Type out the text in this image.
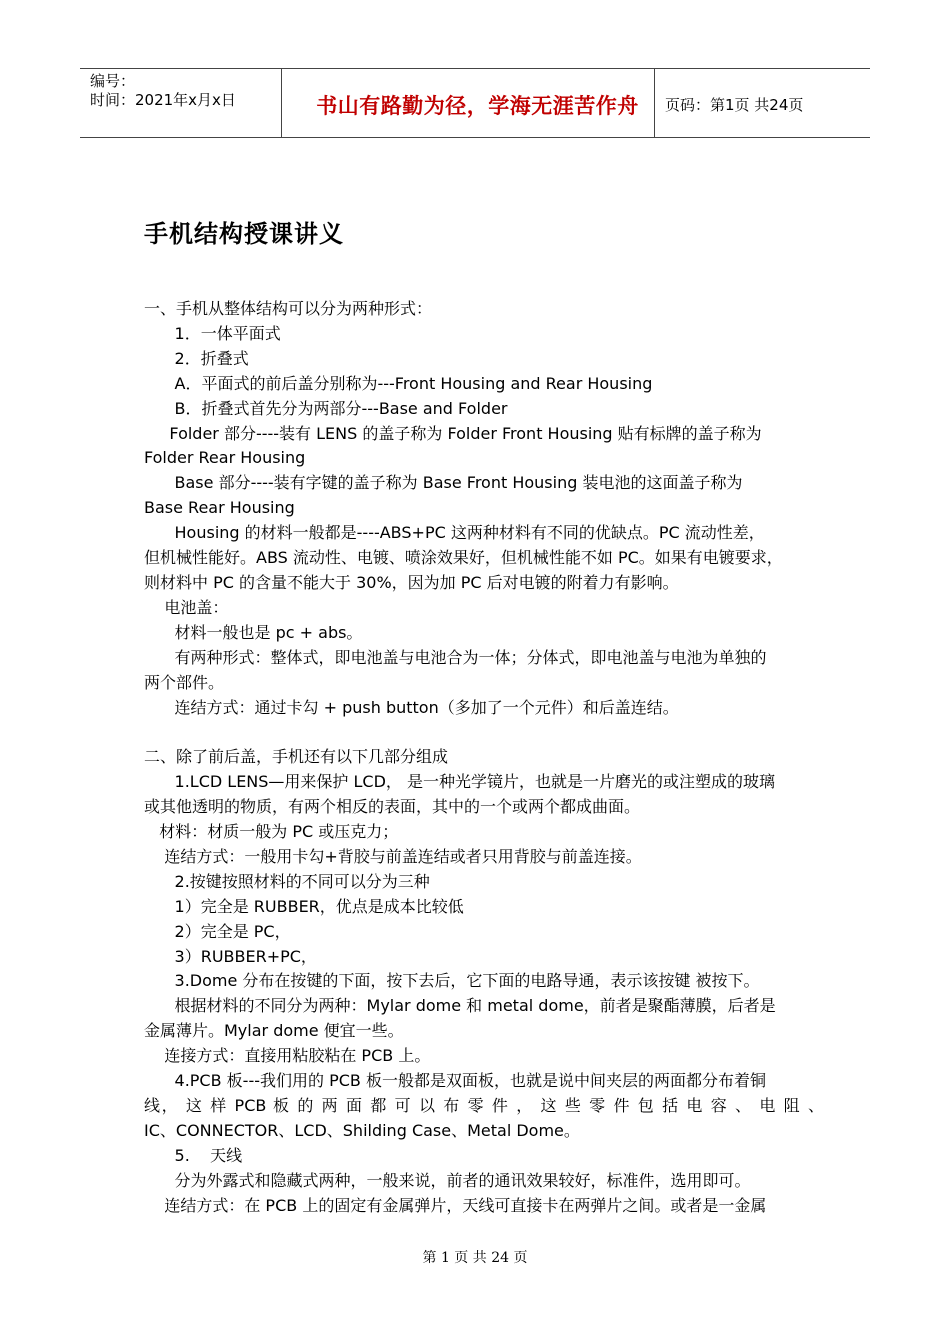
编号：
时间：2021年x月x日	书山有路勤为径，学海无涯苦作舟	页码：第1页 共24页
手机结构授课讲义

一、手机从整体结构可以分为两种形式：

1．一体平面式

2．折叠式

A．平面式的前后盖分别称为---Front Housing and Rear Housing

B．折叠式首先分为两部分---Base and Folder

Folder 部分----装有 LENS 的盖子称为 Folder Front Housing 贴有标牌的盖子称为

Folder Rear Housing

Base 部分----装有字键的盖子称为 Base Front Housing 装电池的这面盖子称为

Base Rear Housing

Housing 的材料一般都是----ABS+PC 这两种材料有不同的优缺点。PC 流动性差，

但机械性能好。ABS 流动性、电镀、喷涂效果好，但机械性能不如 PC。如果有电镀要求，

则材料中 PC 的含量不能大于 30%，因为加 PC 后对电镀的附着力有影响。

电池盖：

材料一般也是 pc + abs。

有两种形式：整体式，即电池盖与电池合为一体；分体式，即电池盖与电池为单独的

两个部件。

连结方式：通过卡勾 + push button（多加了一个元件）和后盖连结。

二、除了前后盖，手机还有以下几部分组成

1.LCD LENS—用来保护 LCD， 是一种光学镜片，也就是一片磨光的或注塑成的玻璃

或其他透明的物质，有两个相反的表面，其中的一个或两个都成曲面。

材料：材质一般为 PC 或压克力；

连结方式：一般用卡勾+背胶与前盖连结或者只用背胶与前盖连接。

2.按键按照材料的不同可以分为三种

1）完全是 RUBBER，优点是成本比较低

2）完全是 PC，

3）RUBBER+PC，

3.Dome 分布在按键的下面，按下去后，它下面的电路导通，表示该按键 被按下。

根据材料的不同分为两种：Mylar dome 和 metal dome，前者是聚酯薄膜，后者是

金属薄片。Mylar dome 便宜一些。

连接方式：直接用粘胶粘在 PCB 上。

4.PCB 板---我们用的 PCB 板一般都是双面板，也就是说中间夹层的两面都分布着铜

线， 这 样 PCB 板 的 两 面 都 可 以 布 零 件 ， 这 些 零 件 包 括 电 容 、 电 阻 、

IC、CONNECTOR、LCD、Shilding Case、Metal Dome。

5.    天线

分为外露式和隐藏式两种，一般来说，前者的通讯效果较好，标准件，选用即可。

连结方式：在 PCB 上的固定有金属弹片，天线可直接卡在两弹片之间。或者是一金属

第 1 页 共 24 页
